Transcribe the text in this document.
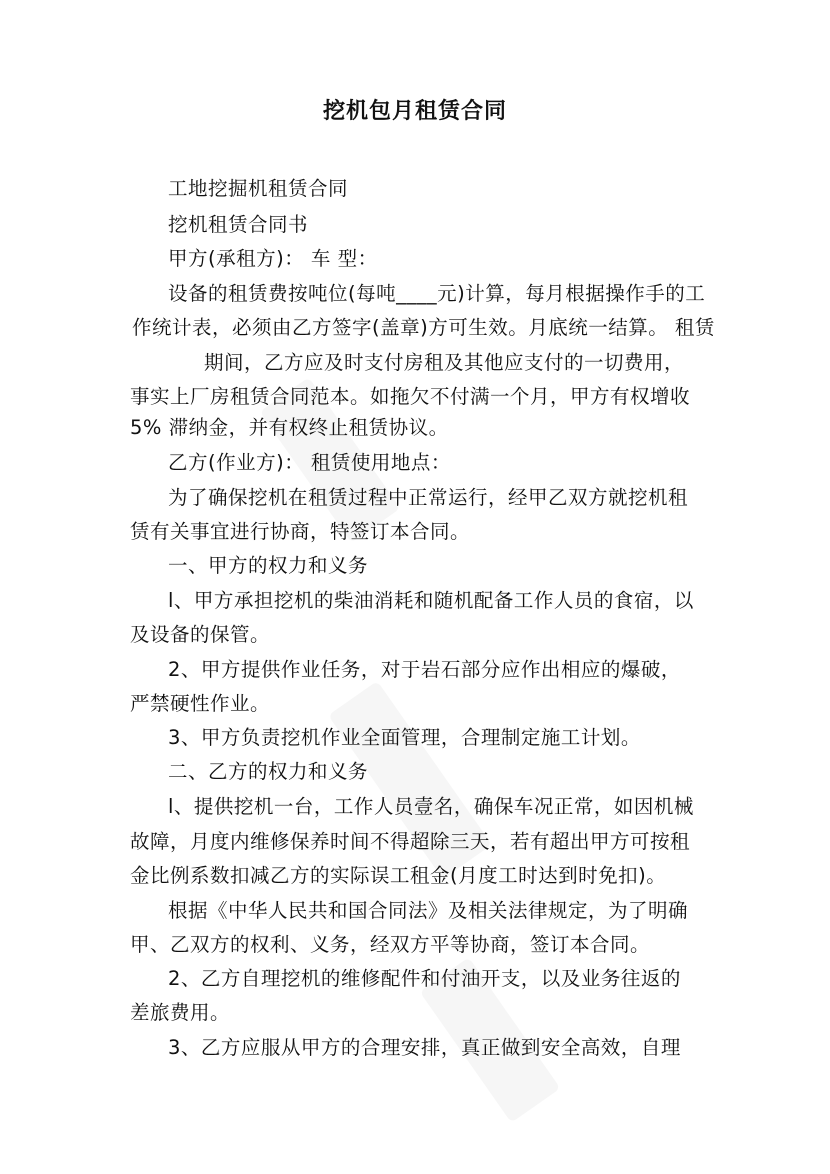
挖机包月租赁合同
工地挖掘机租赁合同
挖机租赁合同书
甲方(承租方)： 车 型：
设备的租赁费按吨位(每吨____元)计算，每月根据操作手的工
作统计表，必须由乙方签字(盖章)方可生效。月底统一结算。 租赁
期间，乙方应及时支付房租及其他应支付的一切费用，
事实上厂房租赁合同范本。如拖欠不付满一个月，甲方有权增收
5% 滞纳金，并有权终止租赁协议。
乙方(作业方)： 租赁使用地点：
为了确保挖机在租赁过程中正常运行，经甲乙双方就挖机租
赁有关事宜进行协商，特签订本合同。
一、甲方的权力和义务
l、甲方承担挖机的柴油消耗和随机配备工作人员的食宿，以
及设备的保管。
2、甲方提供作业任务，对于岩石部分应作出相应的爆破，
严禁硬性作业。
3、甲方负责挖机作业全面管理，合理制定施工计划。
二、乙方的权力和义务
l、提供挖机一台，工作人员壹名，确保车况正常，如因机械
故障，月度内维修保养时间不得超除三天，若有超出甲方可按租
金比例系数扣减乙方的实际误工租金(月度工时达到时免扣)。
根据《中华人民共和国合同法》及相关法律规定，为了明确
甲、乙双方的权利、义务，经双方平等协商，签订本合同。
2、乙方自理挖机的维修配件和付油开支，以及业务往返的
差旅费用。
3、乙方应服从甲方的合理安排，真正做到安全高效，自理
